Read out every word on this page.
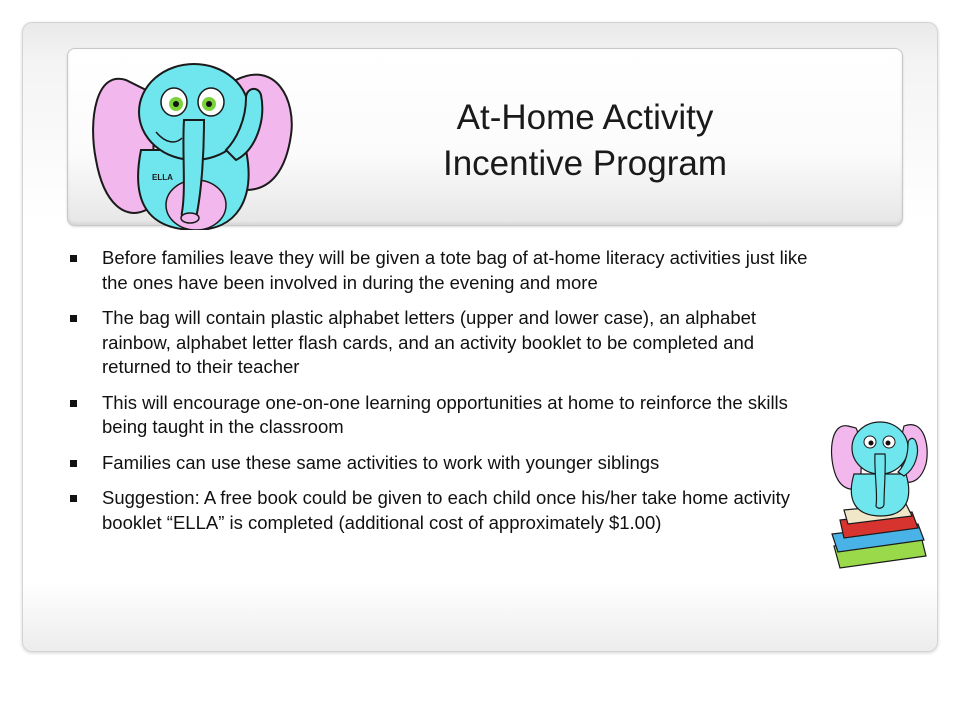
ELLA
At-Home Activity
Incentive Program
Before families leave they will be given a tote bag of at-home literacy activities just like the ones have been involved in during the evening and more
The bag will contain plastic alphabet letters (upper and lower case), an alphabet rainbow, alphabet letter flash cards, and an activity booklet to be completed and returned to their teacher
This will encourage one-on-one learning opportunities at home to reinforce the skills being taught in the classroom
Families can use these same activities to work with younger siblings
Suggestion: A free book could be given to each child once his/her take home activity booklet “ELLA” is completed (additional cost of approximately $1.00)
